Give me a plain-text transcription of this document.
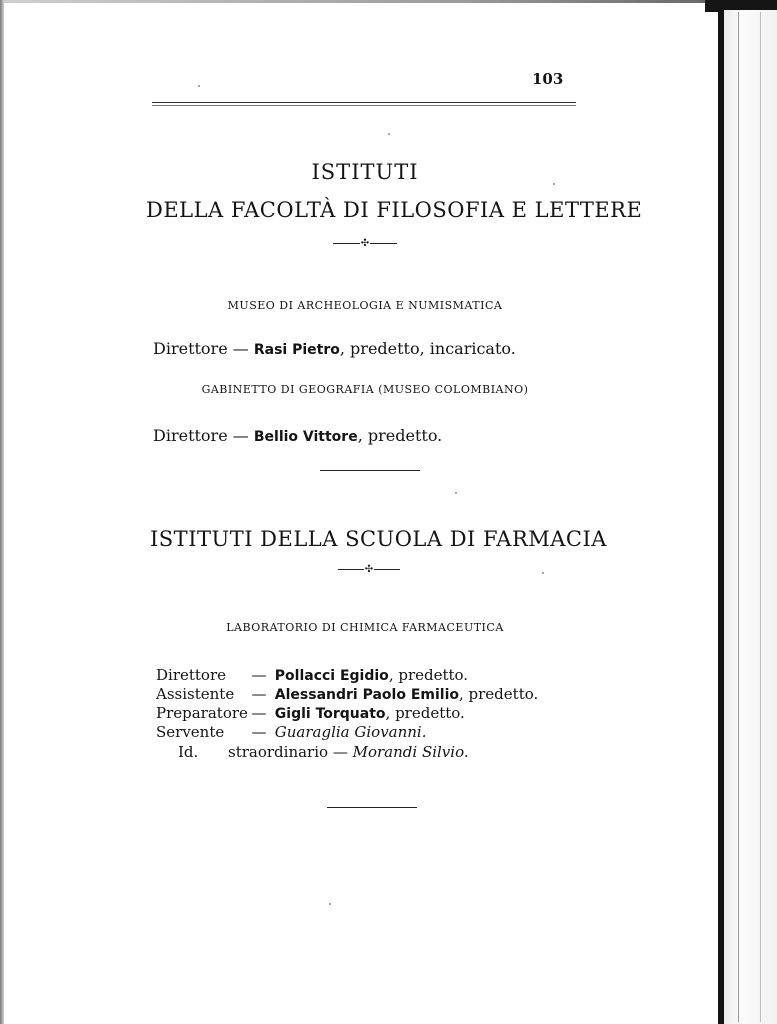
103
ISTITUTI
DELLA FACOLTÀ DI FILOSOFIA E LETTERE
✣
MUSEO DI ARCHEOLOGIA E NUMISMATICA
Direttore — Rasi Pietro, predetto, incaricato.
GABINETTO DI GEOGRAFIA (MUSEO COLOMBIANO)
Direttore — Bellio Vittore, predetto.
ISTITUTI DELLA SCUOLA DI FARMACIA
✣
LABORATORIO DI CHIMICA FARMACEUTICA
Direttore — Pollacci Egidio, predetto.
Assistente — Alessandri Paolo Emilio, predetto.
Preparatore — Gigli Torquato, predetto.
Servente — Guaraglia Giovanni.
Id. straordinario — Morandi Silvio.
